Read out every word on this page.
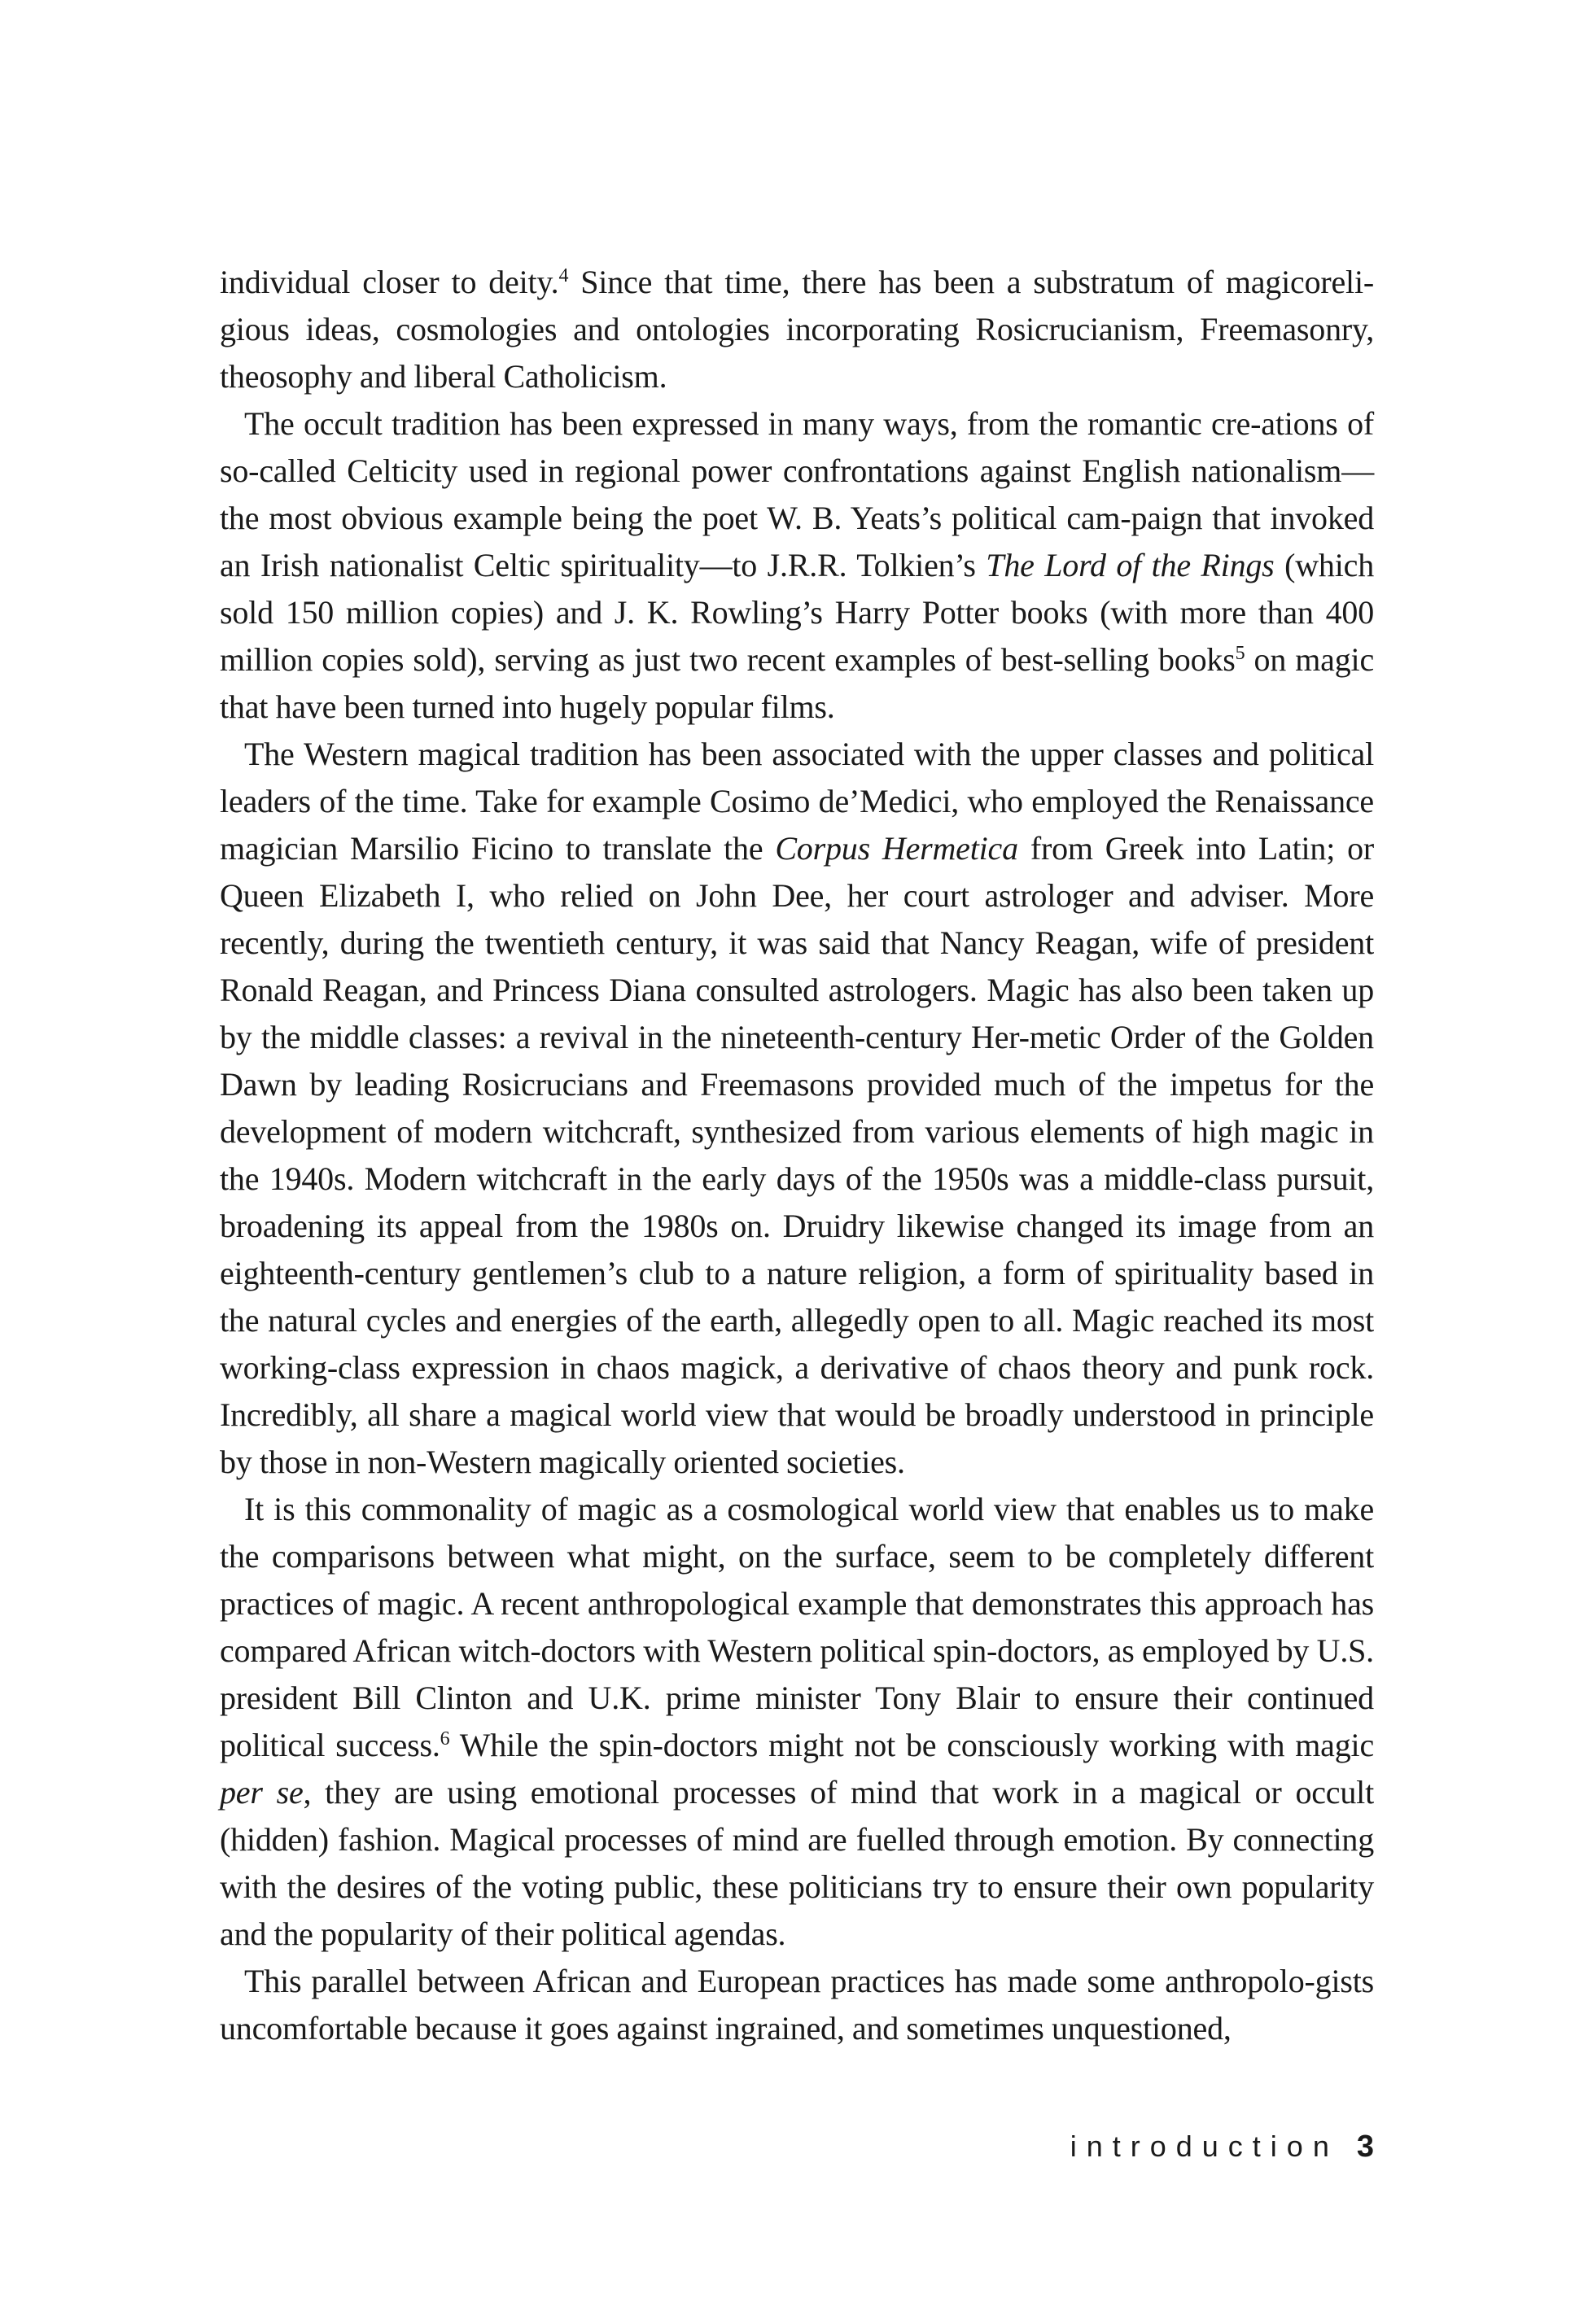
individual closer to deity.$^4$ Since that time, there has been a substratum of magicoreli-gious ideas, cosmologies and ontologies incorporating Rosicrucianism, Freemasonry, theosophy and liberal Catholicism.

The occult tradition has been expressed in many ways, from the romantic cre-ations of so-called Celticity used in regional power confrontations against English nationalism—the most obvious example being the poet W. B. Yeats’s political cam-paign that invoked an Irish nationalist Celtic spirituality—to J.R.R. Tolkien’s The Lord of the Rings (which sold 150 million copies) and J. K. Rowling’s Harry Potter books (with more than 400 million copies sold), serving as just two recent examples of best-selling books$^5$ on magic that have been turned into hugely popular films.

The Western magical tradition has been associated with the upper classes and political leaders of the time. Take for example Cosimo de’Medici, who employed the Renaissance magician Marsilio Ficino to translate the Corpus Hermetica from Greek into Latin; or Queen Elizabeth I, who relied on John Dee, her court astrologer and adviser. More recently, during the twentieth century, it was said that Nancy Reagan, wife of president Ronald Reagan, and Princess Diana consulted astrologers. Magic has also been taken up by the middle classes: a revival in the nineteenth-century Her-metic Order of the Golden Dawn by leading Rosicrucians and Freemasons provided much of the impetus for the development of modern witchcraft, synthesized from various elements of high magic in the 1940s. Modern witchcraft in the early days of the 1950s was a middle-class pursuit, broadening its appeal from the 1980s on. Druidry likewise changed its image from an eighteenth-century gentlemen’s club to a nature religion, a form of spirituality based in the natural cycles and energies of the earth, allegedly open to all. Magic reached its most working-class expression in chaos magick, a derivative of chaos theory and punk rock. Incredibly, all share a magical world view that would be broadly understood in principle by those in non-Western magically oriented societies.

It is this commonality of magic as a cosmological world view that enables us to make the comparisons between what might, on the surface, seem to be completely different practices of magic. A recent anthropological example that demonstrates this approach has compared African witch-doctors with Western political spin-doctors, as employed by U.S. president Bill Clinton and U.K. prime minister Tony Blair to ensure their continued political success.$^6$ While the spin-doctors might not be consciously working with magic per se, they are using emotional processes of mind that work in a magical or occult (hidden) fashion. Magical processes of mind are fuelled through emotion. By connecting with the desires of the voting public, these politicians try to ensure their own popularity and the popularity of their political agendas.

This parallel between African and European practices has made some anthropolo-gists uncomfortable because it goes against ingrained, and sometimes unquestioned,

introduction 3
